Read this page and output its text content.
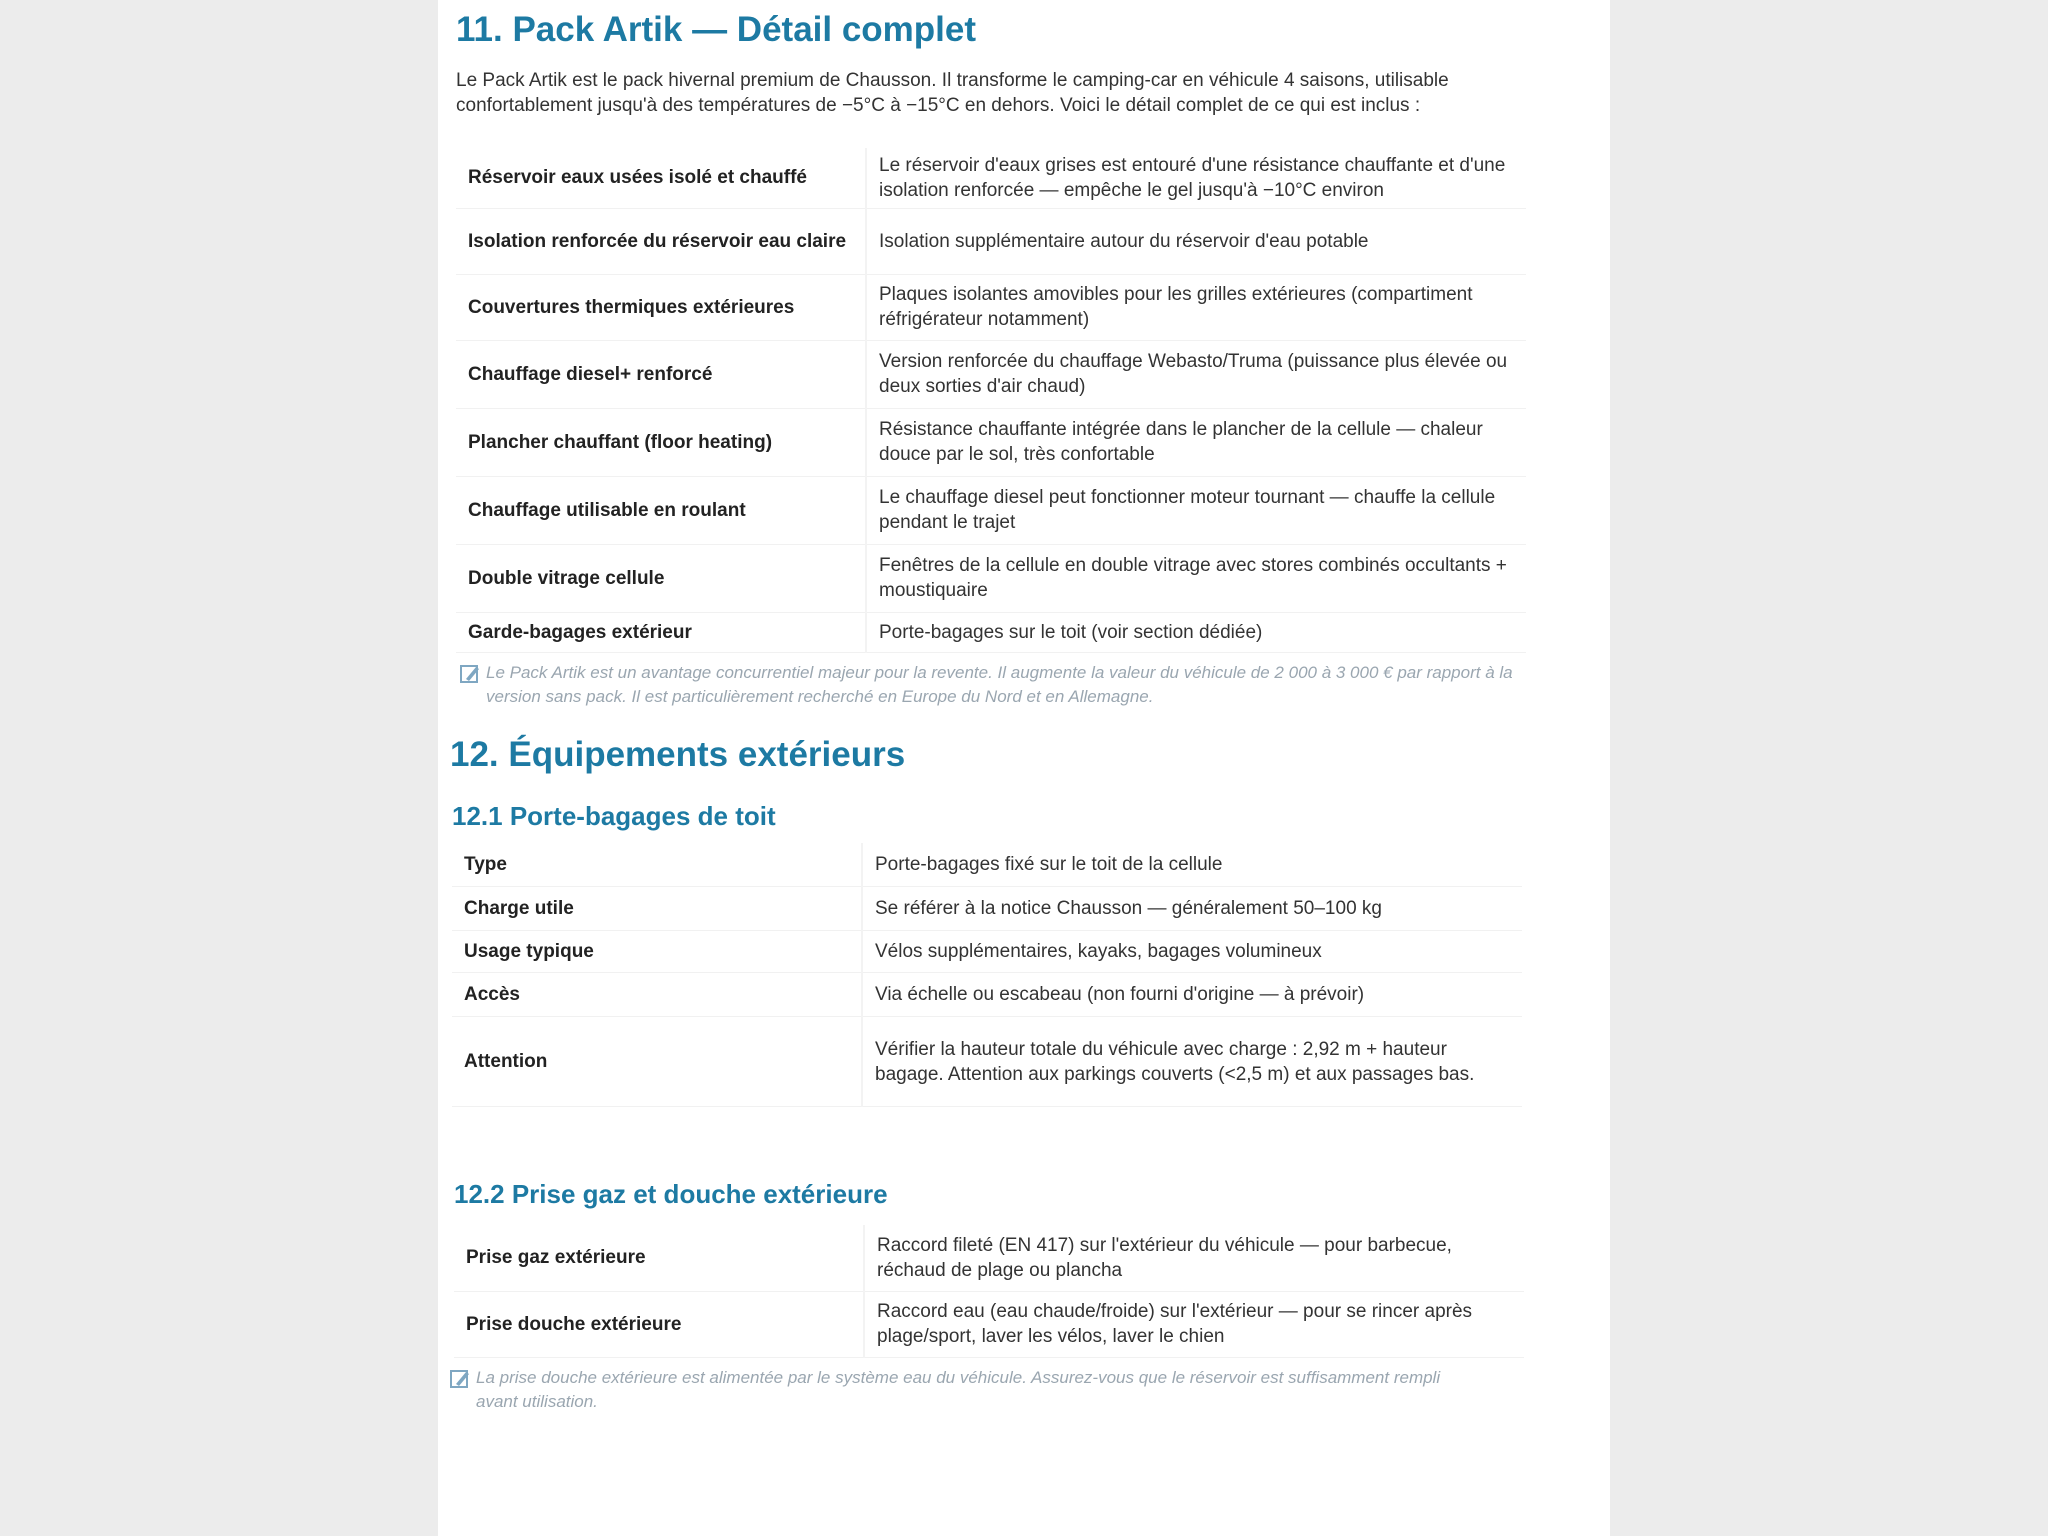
11. Pack Artik — Détail complet

Le Pack Artik est le pack hivernal premium de Chausson. Il transforme le camping-car en véhicule 4 saisons, utilisable confortablement jusqu'à des températures de −5°C à −15°C en dehors. Voici le détail complet de ce qui est inclus :

Réservoir eaux usées isolé et chauffé	Le réservoir d'eaux grises est entouré d'une résistance chauffante et d'une isolation renforcée — empêche le gel jusqu'à −10°C environ
Isolation renforcée du réservoir eau claire	Isolation supplémentaire autour du réservoir d'eau potable
Couvertures thermiques extérieures	Plaques isolantes amovibles pour les grilles extérieures (compartiment réfrigérateur notamment)
Chauffage diesel+ renforcé	Version renforcée du chauffage Webasto/Truma (puissance plus élevée ou deux sorties d'air chaud)
Plancher chauffant (floor heating)	Résistance chauffante intégrée dans le plancher de la cellule — chaleur douce par le sol, très confortable
Chauffage utilisable en roulant	Le chauffage diesel peut fonctionner moteur tournant — chauffe la cellule pendant le trajet
Double vitrage cellule	Fenêtres de la cellule en double vitrage avec stores combinés occultants + moustiquaire
Garde-bagages extérieur	Porte-bagages sur le toit (voir section dédiée)
Le Pack Artik est un avantage concurrentiel majeur pour la revente. Il augmente la valeur du véhicule de 2 000 à 3 000 € par rapport à la version sans pack. Il est particulièrement recherché en Europe du Nord et en Allemagne.
12. Équipements extérieurs
12.1 Porte-bagages de toit
Type	Porte-bagages fixé sur le toit de la cellule
Charge utile	Se référer à la notice Chausson — généralement 50–100 kg
Usage typique	Vélos supplémentaires, kayaks, bagages volumineux
Accès	Via échelle ou escabeau (non fourni d'origine — à prévoir)
Attention	Vérifier la hauteur totale du véhicule avec charge : 2,92 m + hauteur bagage. Attention aux parkings couverts (<2,5 m) et aux passages bas.
12.2 Prise gaz et douche extérieure
Prise gaz extérieure	Raccord fileté (EN 417) sur l'extérieur du véhicule — pour barbecue, réchaud de plage ou plancha
Prise douche extérieure	Raccord eau (eau chaude/froide) sur l'extérieur — pour se rincer après plage/sport, laver les vélos, laver le chien
La prise douche extérieure est alimentée par le système eau du véhicule. Assurez-vous que le réservoir est suffisamment rempli avant utilisation.
